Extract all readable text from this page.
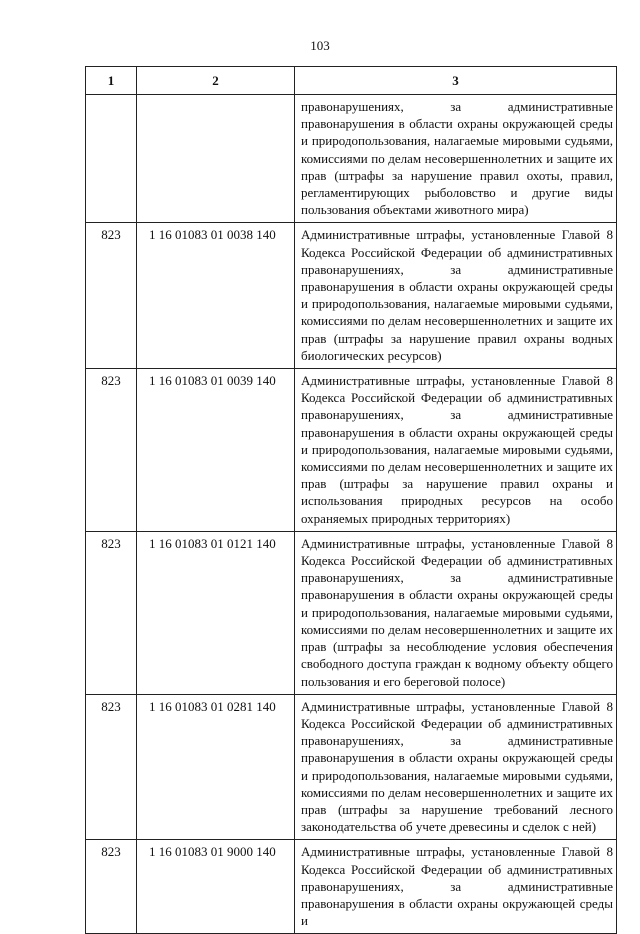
103
1	2	3
		правонарушениях, за административные правонарушения в области охраны окружающей среды и природопользования, налагаемые мировыми судьями, комиссиями по делам несовершеннолетних и защите их прав (штрафы за нарушение правил охоты, правил, регламентирующих рыболовство и другие виды пользования объектами животного мира)
823	1 16 01083 01 0038 140	Административные штрафы, установленные Главой 8 Кодекса Российской Федерации об административных правонарушениях, за административные правонарушения в области охраны окружающей среды и природопользования, налагаемые мировыми судьями, комиссиями по делам несовершеннолетних и защите их прав (штрафы за нарушение правил охраны водных биологических ресурсов)
823	1 16 01083 01 0039 140	Административные штрафы, установленные Главой 8 Кодекса Российской Федерации об административных правонарушениях, за административные правонарушения в области охраны окружающей среды и природопользования, налагаемые мировыми судьями, комиссиями по делам несовершеннолетних и защите их прав (штрафы за нарушение правил охраны и использования природных ресурсов на особо охраняемых природных территориях)
823	1 16 01083 01 0121 140	Административные штрафы, установленные Главой 8 Кодекса Российской Федерации об административных правонарушениях, за административные правонарушения в области охраны окружающей среды и природопользования, налагаемые мировыми судьями, комиссиями по делам несовершеннолетних и защите их прав (штрафы за несоблюдение условия обеспечения свободного доступа граждан к водному объекту общего пользования и его береговой полосе)
823	1 16 01083 01 0281 140	Административные штрафы, установленные Главой 8 Кодекса Российской Федерации об административных правонарушениях, за административные правонарушения в области охраны окружающей среды и природопользования, налагаемые мировыми судьями, комиссиями по делам несовершеннолетних и защите их прав (штрафы за нарушение требований лесного законодательства об учете древесины и сделок с ней)
823	1 16 01083 01 9000 140	Административные штрафы, установленные Главой 8 Кодекса Российской Федерации об административных правонарушениях, за административные правонарушения в области охраны окружающей среды и
